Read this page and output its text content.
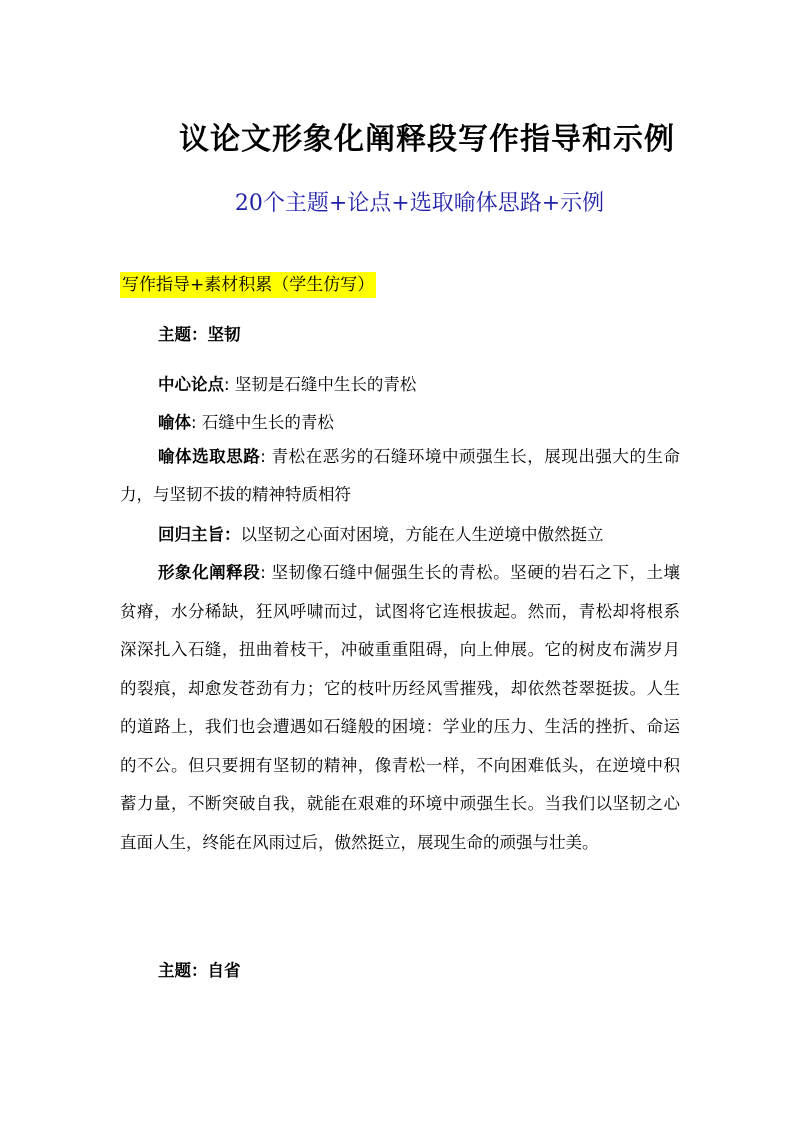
议论文形象化阐释段写作指导和示例
20个主题+论点+选取喻体思路+示例
写作指导+素材积累（学生仿写）
主题：坚韧
中心论点: 坚韧是石缝中生长的青松
喻体: 石缝中生长的青松

喻体选取思路: 青松在恶劣的石缝环境中顽强生长，展现出强大的生命力，与坚韧不拔的精神特质相符

回归主旨：以坚韧之心面对困境，方能在人生逆境中傲然挺立

形象化阐释段: 坚韧像石缝中倔强生长的青松。坚硬的岩石之下，土壤贫瘠，水分稀缺，狂风呼啸而过，试图将它连根拔起。然而，青松却将根系深深扎入石缝，扭曲着枝干，冲破重重阻碍，向上伸展。它的树皮布满岁月的裂痕，却愈发苍劲有力；它的枝叶历经风雪摧残，却依然苍翠挺拔。人生的道路上，我们也会遭遇如石缝般的困境：学业的压力、生活的挫折、命运的不公。但只要拥有坚韧的精神，像青松一样，不向困难低头，在逆境中积蓄力量，不断突破自我，就能在艰难的环境中顽强生长。当我们以坚韧之心直面人生，终能在风雨过后，傲然挺立，展现生命的顽强与壮美。

主题：自省
